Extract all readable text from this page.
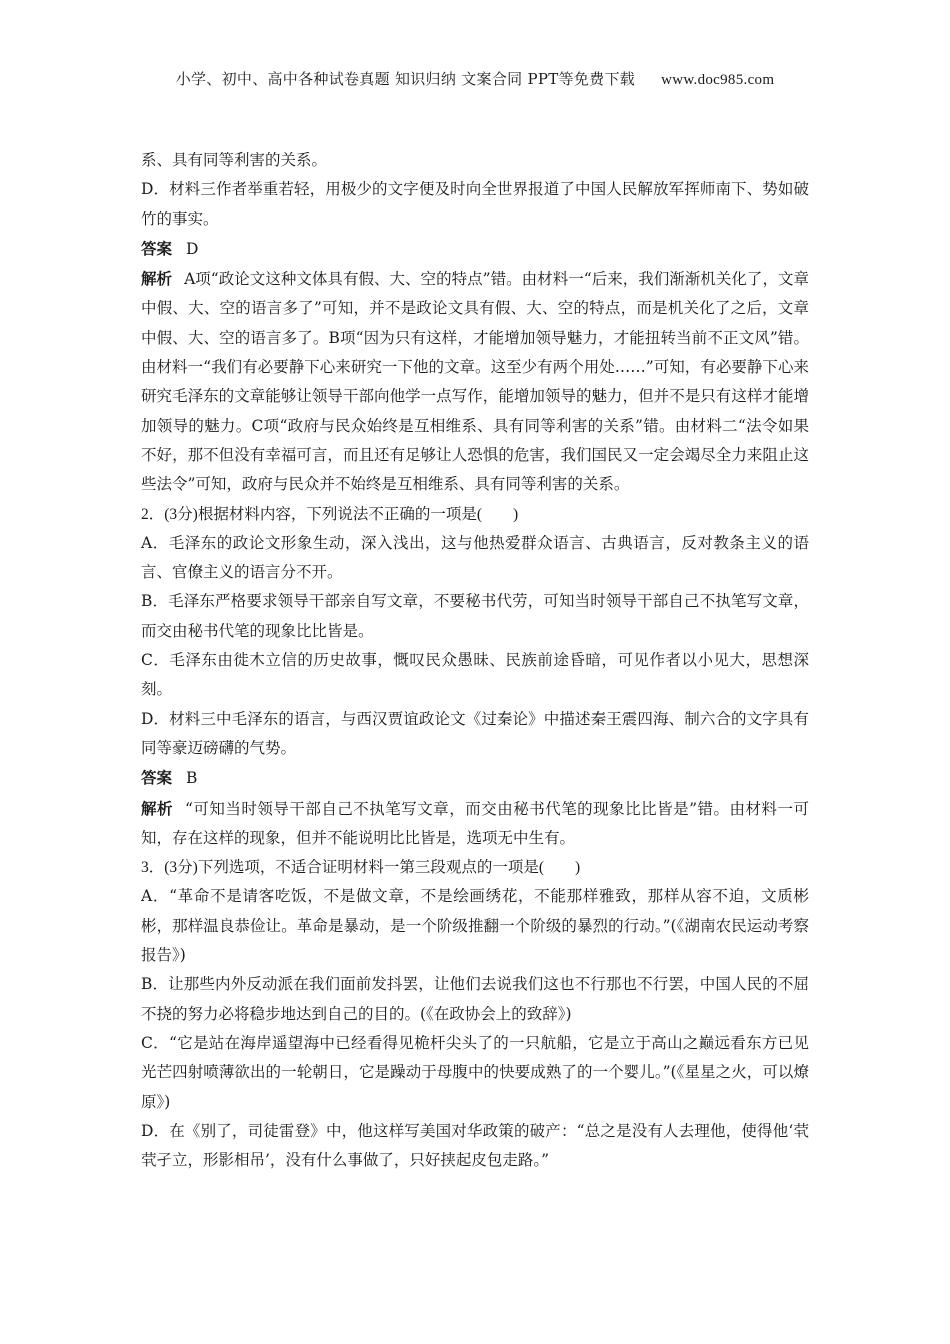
小学、初中、高中各种试卷真题 知识归纳 文案合同 PPT等免费下载 www.doc985.com

系、具有同等利害的关系。

D．材料三作者举重若轻，用极少的文字便及时向全世界报道了中国人民解放军挥师南下、势如破竹的事实。

答案 D

解析 A项“政论文这种文体具有假、大、空的特点”错。由材料一“后来，我们渐渐机关化了，文章中假、大、空的语言多了”可知，并不是政论文具有假、大、空的特点，而是机关化了之后，文章中假、大、空的语言多了。B项“因为只有这样，才能增加领导魅力，才能扭转当前不正文风”错。由材料一“我们有必要静下心来研究一下他的文章。这至少有两个用处……”可知，有必要静下心来研究毛泽东的文章能够让领导干部向他学一点写作，能增加领导的魅力，但并不是只有这样才能增加领导的魅力。C项“政府与民众始终是互相维系、具有同等利害的关系”错。由材料二“法令如果不好，那不但没有幸福可言，而且还有足够让人恐惧的危害，我们国民又一定会竭尽全力来阻止这些法令”可知，政府与民众并不始终是互相维系、具有同等利害的关系。

2．(3分)根据材料内容，下列说法不正确的一项是(　　)

A．毛泽东的政论文形象生动，深入浅出，这与他热爱群众语言、古典语言，反对教条主义的语言、官僚主义的语言分不开。

B．毛泽东严格要求领导干部亲自写文章，不要秘书代劳，可知当时领导干部自己不执笔写文章，而交由秘书代笔的现象比比皆是。

C．毛泽东由徙木立信的历史故事，慨叹民众愚昧、民族前途昏暗，可见作者以小见大，思想深刻。

D．材料三中毛泽东的语言，与西汉贾谊政论文《过秦论》中描述秦王震四海、制六合的文字具有同等豪迈磅礴的气势。

答案 B

解析 “可知当时领导干部自己不执笔写文章，而交由秘书代笔的现象比比皆是”错。由材料一可知，存在这样的现象，但并不能说明比比皆是，选项无中生有。

3．(3分)下列选项，不适合证明材料一第三段观点的一项是(　　)

A．“革命不是请客吃饭，不是做文章，不是绘画绣花，不能那样雅致，那样从容不迫，文质彬彬，那样温良恭俭让。革命是暴动，是一个阶级推翻一个阶级的暴烈的行动。”(《湖南农民运动考察报告》)

B．让那些内外反动派在我们面前发抖罢，让他们去说我们这也不行那也不行罢，中国人民的不屈不挠的努力必将稳步地达到自己的目的。(《在政协会上的致辞》)

C．“它是站在海岸遥望海中已经看得见桅杆尖头了的一只航船，它是立于高山之巅远看东方已见光芒四射喷薄欲出的一轮朝日，它是躁动于母腹中的快要成熟了的一个婴儿。”(《星星之火，可以燎原》)

D．在《别了，司徒雷登》中，他这样写美国对华政策的破产：“总之是没有人去理他，使得他‘茕茕孑立，形影相吊’，没有什么事做了，只好挟起皮包走路。”
